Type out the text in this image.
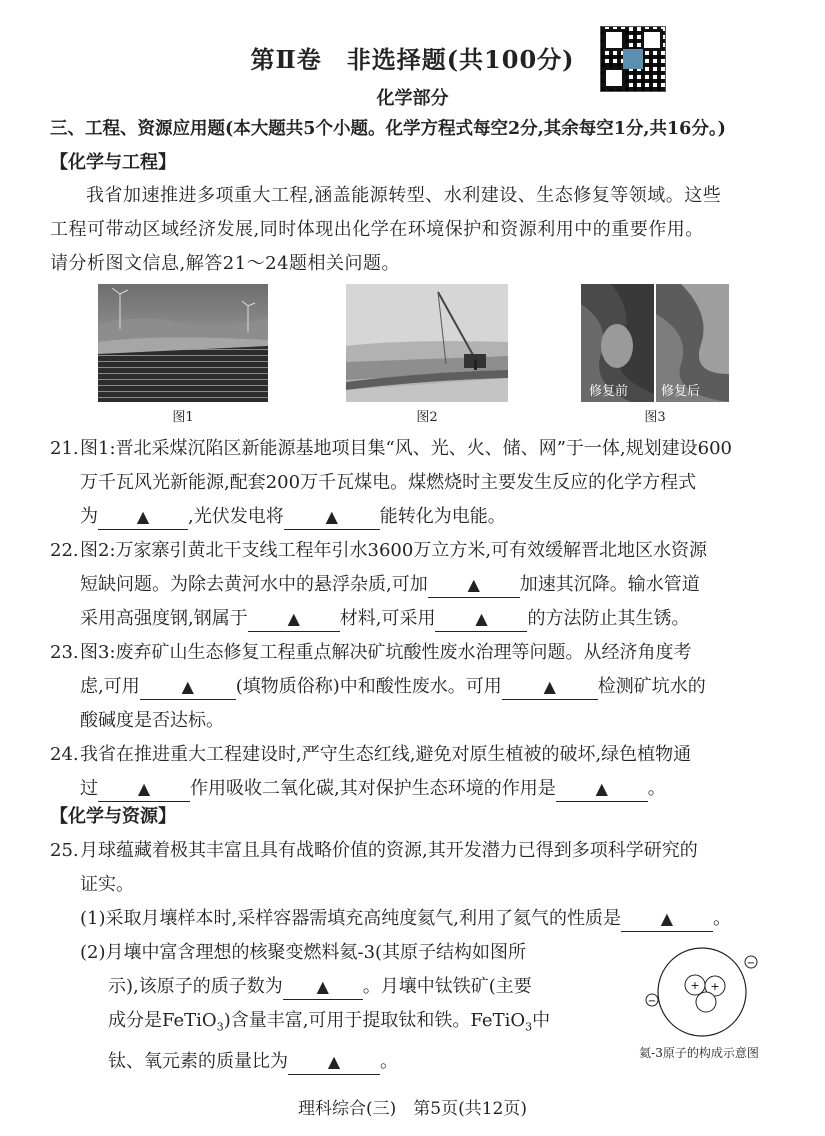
第Ⅱ卷　非选择题(共100分)
化学部分
三、工程、资源应用题(本大题共5个小题。化学方程式每空2分,其余每空1分,共16分。)
【化学与工程】
我省加速推进多项重大工程,涵盖能源转型、水利建设、生态修复等领域。这些
工程可带动区域经济发展,同时体现出化学在环境保护和资源利用中的重要作用。
请分析图文信息,解答21～24题相关问题。
图1	图2
修复前	修复后
图3
21. 图1:晋北采煤沉陷区新能源基地项目集“风、光、火、储、网”于一体,规划建设600
万千瓦风光新能源,配套200万千瓦煤电。煤燃烧时主要发生反应的化学方程式
为 ▲ ,光伏发电将	▲ 能转化为电能。
22. 图2:万家寨引黄北干支线工程年引水3600万立方米,可有效缓解晋北地区水资源
短缺问题。为除去黄河水中的悬浮杂质,可加 ▲ 加速其沉降。输水管道
采用高强度钢,钢属于 ▲ 材料,可采用 ▲ 的方法防止其生锈。
23. 图3:废弃矿山生态修复工程重点解决矿坑酸性废水治理等问题。从经济角度考
虑,可用	▲ (填物质俗称)中和酸性废水。可用	▲ 检测矿坑水的
酸碱度是否达标。
24. 我省在推进重大工程建设时,严守生态红线,避免对原生植被的破坏,绿色植物通
过 ▲ 作用吸收二氧化碳,其对保护生态环境的作用是 ▲ 。
【化学与资源】
25. 月球蕴藏着极其丰富且具有战略价值的资源,其开发潜力已得到多项科学研究的
证实。
(1)采取月壤样本时,采样容器需填充高纯度氦气,利用了氦气的性质是 ▲ 。
(2)月壤中富含理想的核聚变燃料氦-3(其原子结构如图所
示),该原子的质子数为 ▲ 。月壤中钛铁矿(主要
成分是FeTiO$_3$)含量丰富,可用于提取钛和铁。FeTiO$_3$中
钛、氧元素的质量比为 ▲ 。
+ +
−
−
氦-3原子的构成示意图
理科综合(三)　第5页(共12页)
